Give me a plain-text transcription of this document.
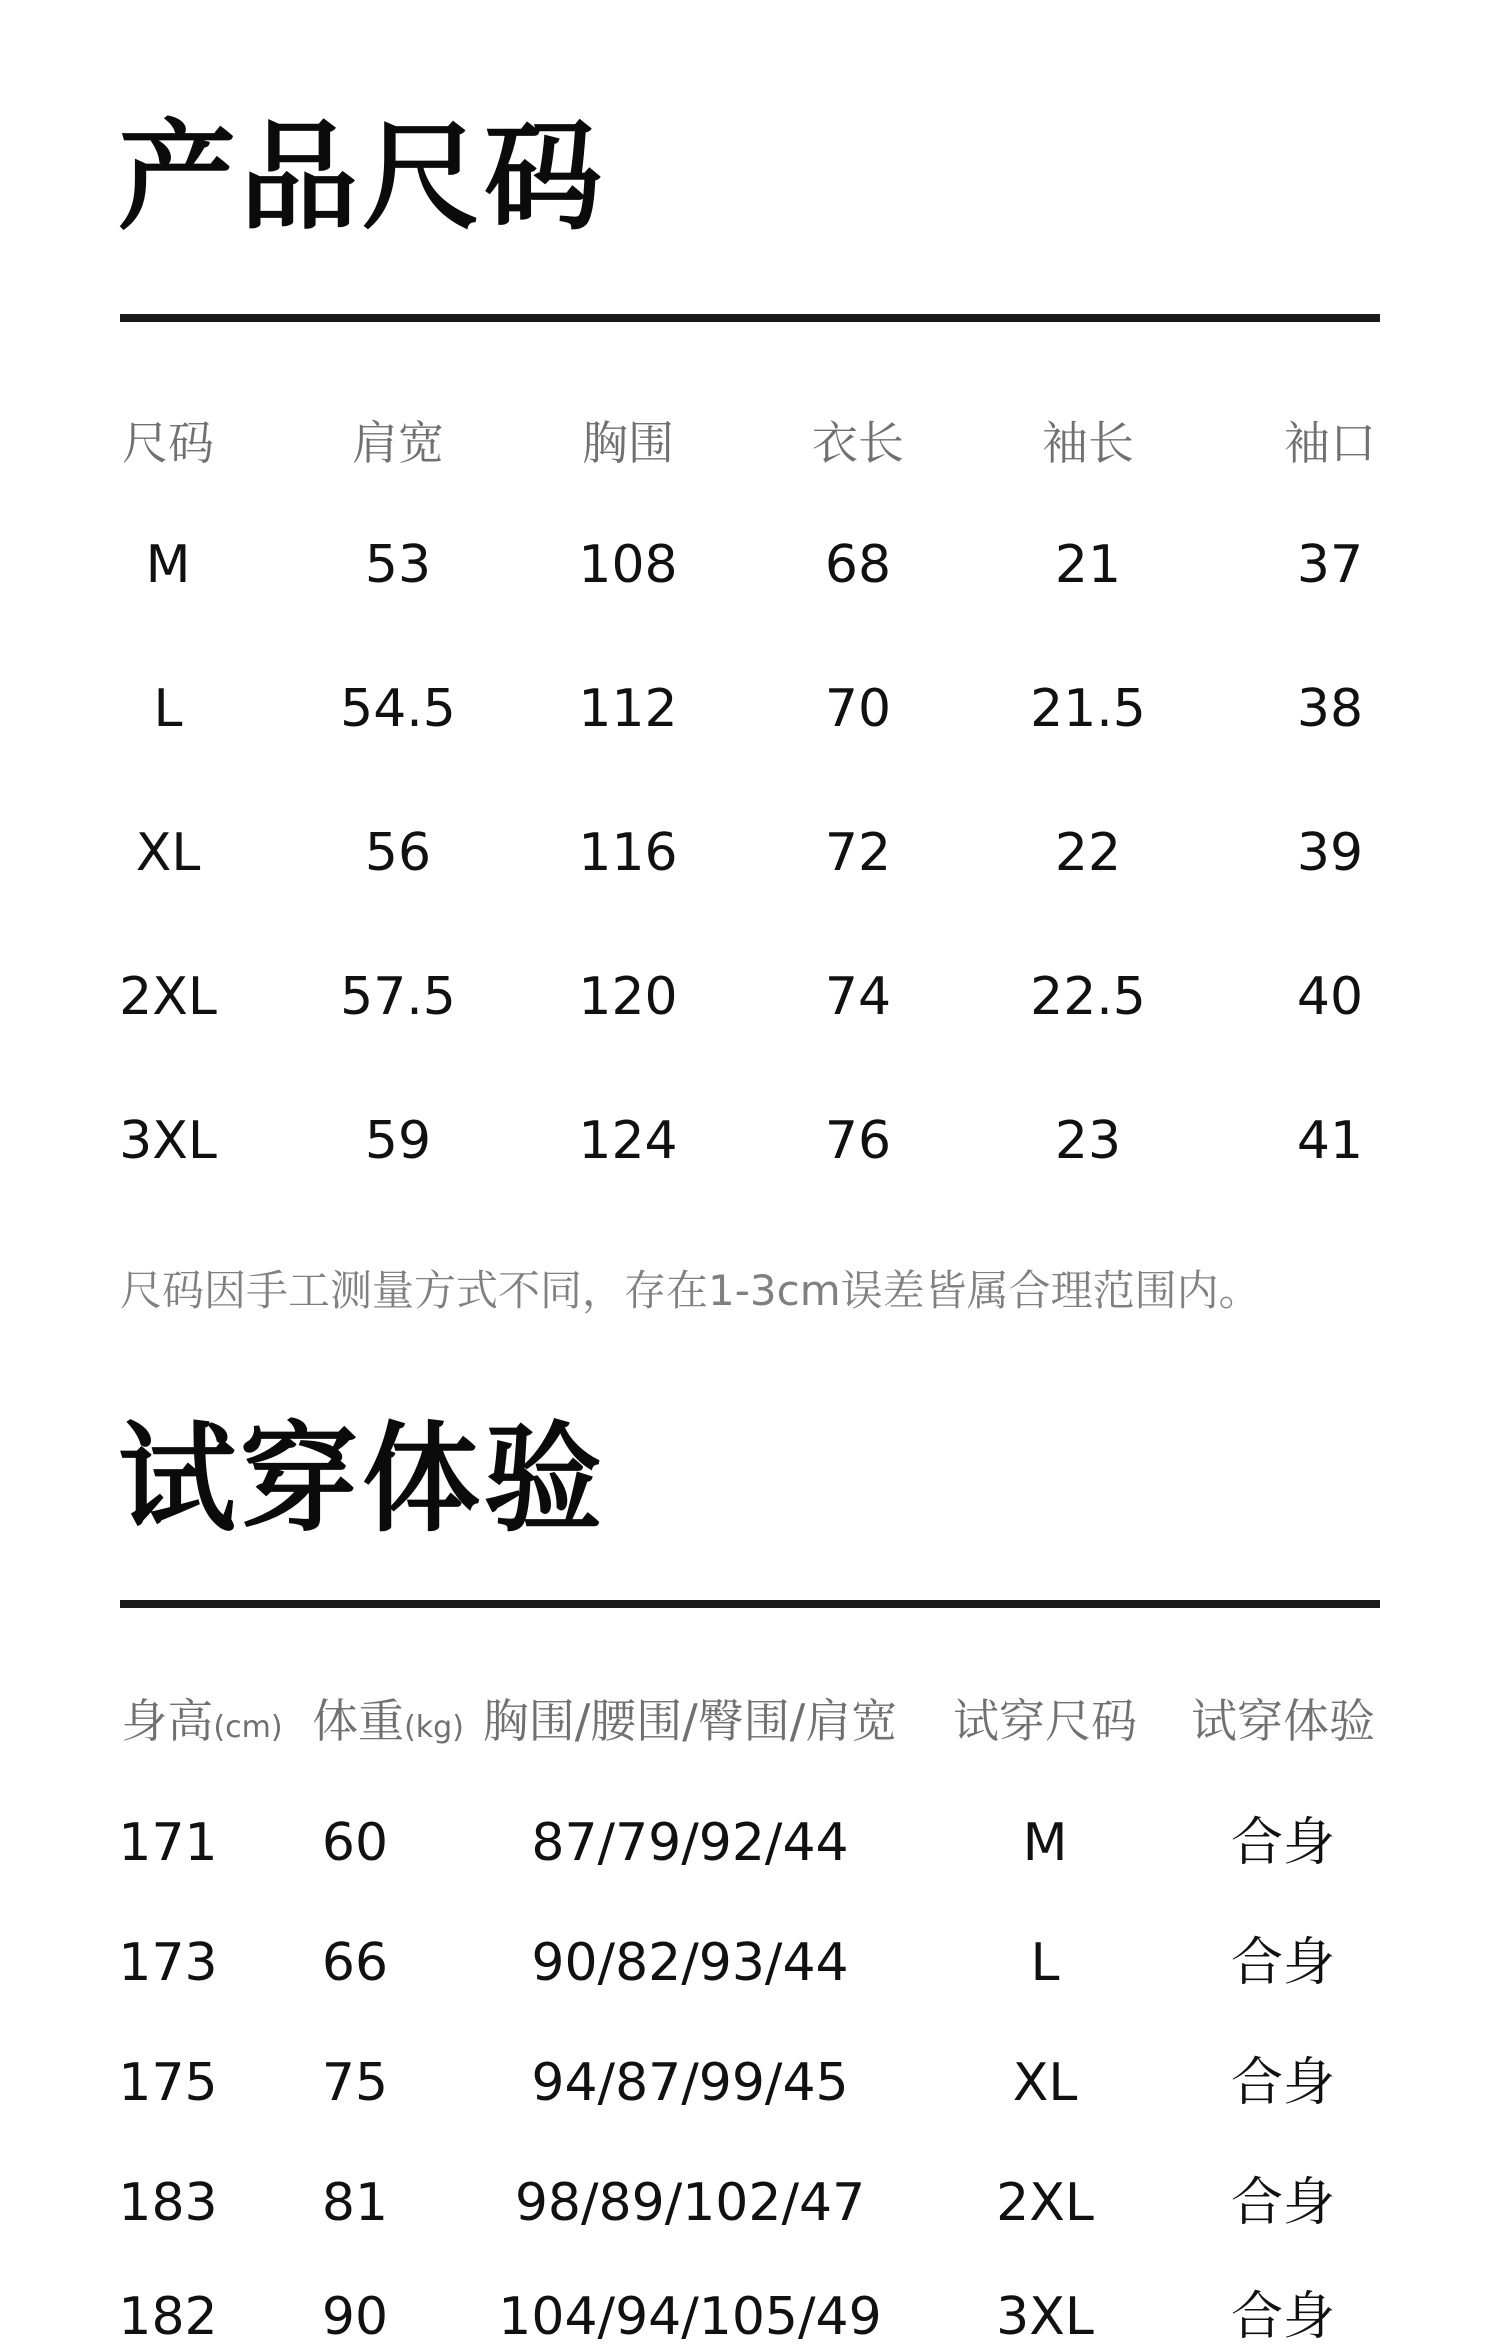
产品尺码
尺码	肩宽	胸围	衣长	袖长	袖口
M	53	108	68	21	37
L	54.5 112	70	21.5	38
XL	56	116	72	22	39
2XL 57.5 120	74	22.5	40
3XL	59	124	76	23	41

尺码因手工测量方式不同，存在1-3cm误差皆属合理范围内。

试穿体验
身高(cm) 体重(kg) 胸围/腰围/臀围/肩宽 试穿尺码 试穿体验
171 60	87/79/92/44	M	合身
173 66	90/82/93/44	L	合身
175 75	94/87/99/45	XL	合身
183 81 98/89/102/47	2XL	合身
182 90 104/94/105/49 3XL	合身
